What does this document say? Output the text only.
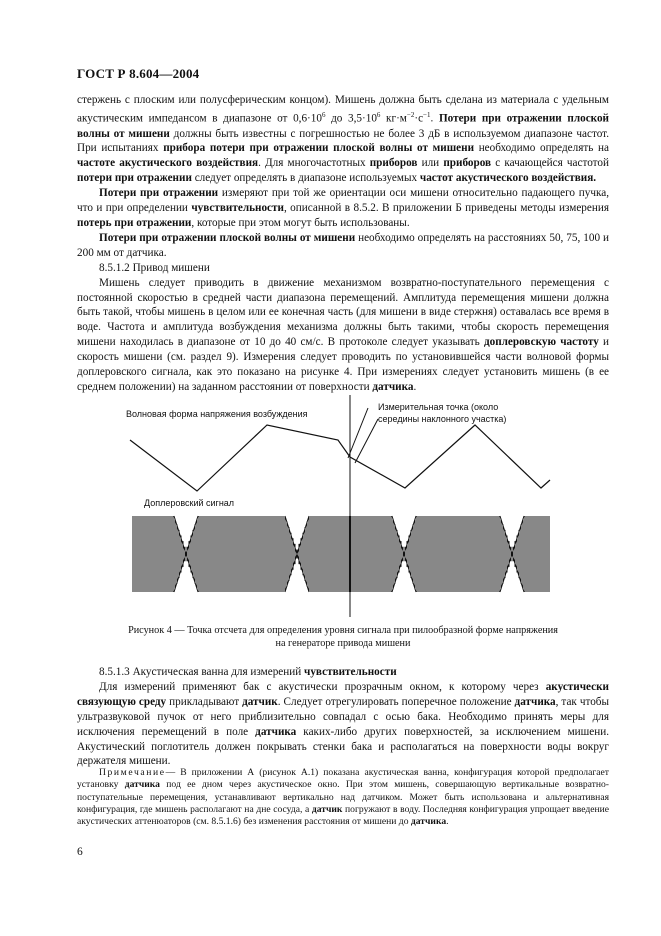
ГОСТ Р 8.604—2004

стержень с плоским или полусферическим концом). Мишень должна быть сделана из материала с удельным акустическим импедансом в диапазоне от $0,6\cdot 10^6$ до $3,5\cdot 10^6$ $кг\cdot м^{-2}\cdot с^{-1}$. Потери при отражении плоской волны от мишени должны быть известны с погрешностью не более 3 дБ в используемом диапазоне частот. При испытаниях прибора потери при отражении плоской волны от мишени необходимо определять на частоте акустического воздействия. Для многочастотных приборов или приборов с качающейся частотой потери при отражении следует определять в диапазоне используемых частот акустического воздействия.

Потери при отражении измеряют при той же ориентации оси мишени относительно падающего пучка, что и при определении чувствительности, описанной в 8.5.2. В приложении Б приведены методы измерения потерь при отражении, которые при этом могут быть использованы.

Потери при отражении плоской волны от мишени необходимо определять на расстояниях 50, 75, 100 и 200 мм от датчика.

8.5.1.2 Привод мишени

Мишень следует приводить в движение механизмом возвратно-поступательного перемещения с постоянной скоростью в средней части диапазона перемещений. Амплитуда перемещения мишени должна быть такой, чтобы мишень в целом или ее конечная часть (для мишени в виде стержня) оставалась все время в воде. Частота и амплитуда возбуждения механизма должны быть такими, чтобы скорость перемещения мишени находилась в диапазоне от 10 до 40 см/с. В протоколе следует указывать доплеровскую частоту и скорость мишени (см. раздел 9). Измерения следует проводить по установившейся части волновой формы доплеровского сигнала, как это показано на рисунке 4. При измерениях следует установить мишень (в ее среднем положении) на заданном расстоянии от поверхности датчика.

Волновая форма напряжения возбуждения
Измерительная точка (около
середины наклонного участка)
Доплеровский сигнал
Рисунок 4 — Точка отсчета для определения уровня сигнала при пилообразной форме напряжения
на генераторе привода мишени

8.5.1.3 Акустическая ванна для измерений чувствительности

Для измерений применяют бак с акустически прозрачным окном, к которому через акустически связующую среду прикладывают датчик. Следует отрегулировать поперечное положение датчика, так чтобы ультразвуковой пучок от него приблизительно совпадал с осью бака. Необходимо принять меры для исключения перемещений в поле датчика каких-либо других поверхностей, за исключением мишени. Акустический поглотитель должен покрывать стенки бака и располагаться на поверхности воды вокруг держателя мишени.

Примечание— В приложении А (рисунок А.1) показана акустическая ванна, конфигурация которой предполагает установку датчика под ее дном через акустическое окно. При этом мишень, совершающую вертикальные возвратно-поступательные перемещения, устанавливают вертикально над датчиком. Может быть использована и альтернативная конфигурация, где мишень располагают на дне сосуда, а датчик погружают в воду. Последняя конфигурация упрощает введение акустических аттенюаторов (см. 8.5.1.6) без изменения расстояния от мишени до датчика.

6
